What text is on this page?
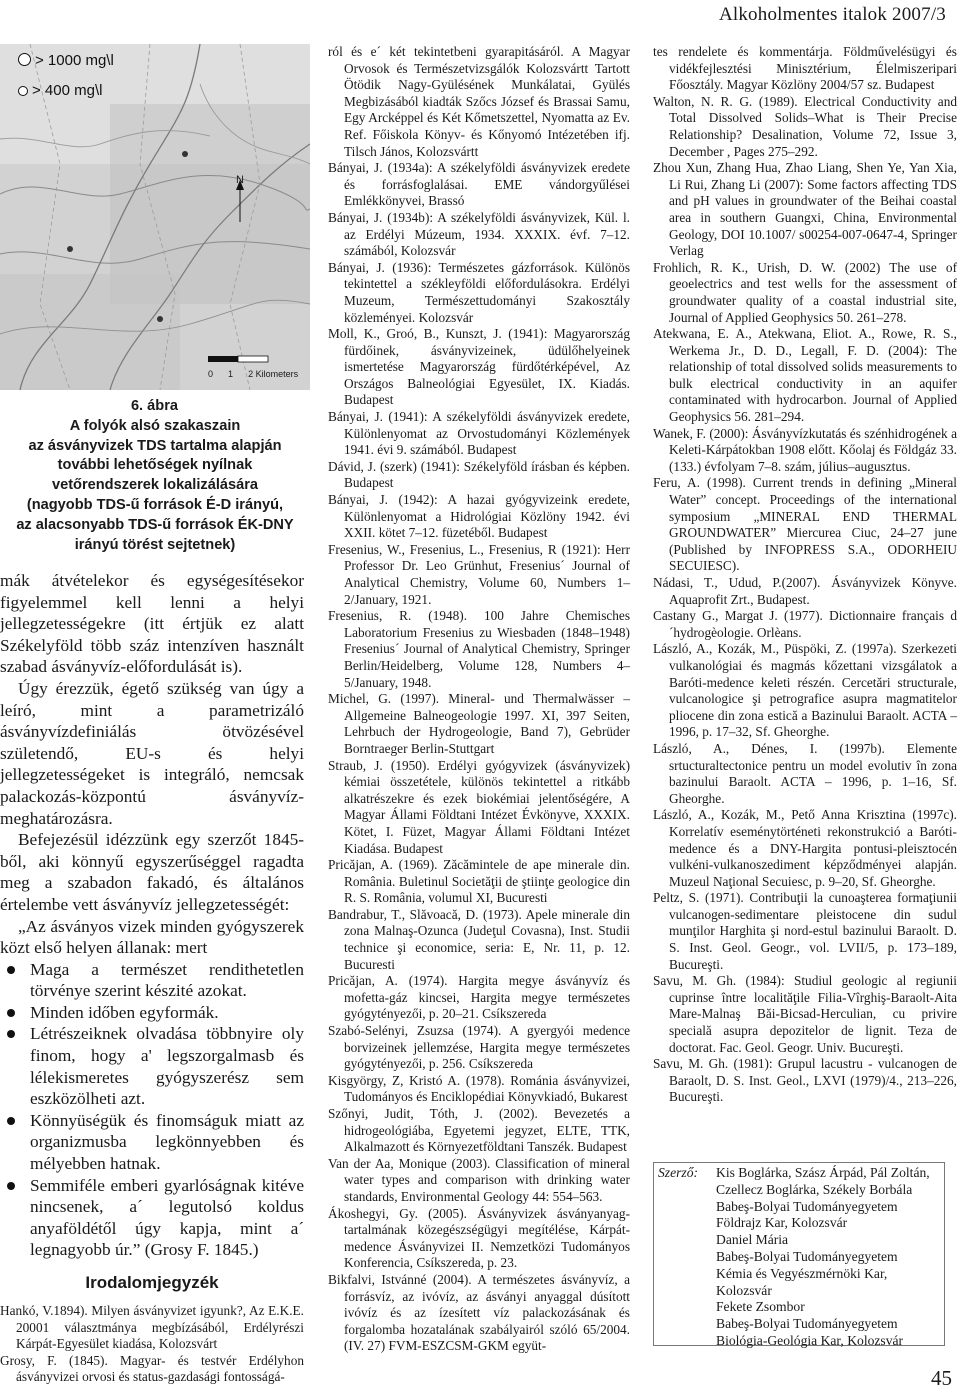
Alkoholmentes italok 2007/3
> 1000 mg\l
> 400 mg\l
N
0 1 2 Kilometers
6. ábra
A folyók alsó szakaszain
az ásványvizek TDS tartalma alapján
további lehetőségek nyílnak
vetőrendszerek lokalizálására
(nagyobb TDS-ű források É-D irányú,
az alacsonyabb TDS-ű források ÉK-DNY
irányú törést sejtetnek)

mák átvételekor és egységesítésekor figyelemmel kell lenni a helyi jellegzetességekre (itt értjük ez alatt Székelyföld több száz intenzíven használt szabad ásványvíz-előfordulását is).

Úgy érezzük, égető szükség van úgy a leíró, mint a parametrizáló ásványvízdefiniálás ötvözésével születendő, EU-s és helyi jellegzetességeket is integráló, nemcsak palackozás-központú ásványvíz-meghatározásra.

Befejezésül idézzünk egy szerzőt 1845-ből, aki könnyű egyszerűséggel ragadta meg a szabadon fakadó, és általános értelembe vett ásványvíz jellegzetességét:

„Az ásványos vizek minden gyógyszerek közt első helyen állanak: mert

Maga a természet rendithetetlen törvénye szerint készité azokat.
Minden időben egyformák.
Létrészeiknek olvadása többnyire oly finom, hogy a' legszorgalmasb és lélekismeretes gyógyszerész sem eszközölheti azt.
Könnyüségük és finomságuk miatt az organizmusba legkönnyebben és mélyebben hatnak.
Semmiféle emberi gyarlóságnak kitéve nincsenek, a´ legutolsó koldus anyaföldétől úgy kapja, mint a´ legnagyobb úr.” (Grosy F. 1845.)
Irodalomjegyzék
Hankó, V.1894). Milyen ásványvizet igyunk?, Az E.K.E. 20001 választmánya megbízásából, Erdélyrészi Kárpát-Egyesület kiadása, Kolozsvárt
Grosy, F. (1845). Magyar- és testvér Erdélyhon ásványvizei orvosi és status-gazdasági fontosságá-
ról és e´ két tekintetbeni gyarapitásáról. A Magyar Orvosok és Természetvizsgálók Kolozsvártt Tartott Ötödik Nagy-Gyülésének Munkálatai, Gyülés Megbizásából kiadták Szőcs József és Brassai Samu, Egy Arcképpel és Két Kőmetszettel, Nyomatta az Ev. Ref. Főiskola Könyv- és Kőnyomó Intézetében ifj. Tilsch János, Kolozsvártt
Bányai, J. (1934a): A székelyföldi ásványvizek eredete és forrásfoglalásai. EME vándorgyűlései Emlékkönyvei, Brassó
Bányai, J. (1934b): A székelyföldi ásványvizek, Kül. l. az Erdélyi Múzeum, 1934. XXXIX. évf. 7–12. számából, Kolozsvár
Bányai, J. (1936): Természetes gázforrások. Különös tekintettel a székleyföldi előfordulásokra. Erdélyi Muzeum, Természettudományi Szakosztály közleményei. Kolozsvár
Moll, K., Groó, B., Kunszt, J. (1941): Magyarország fürdőinek, ásványvizeinek, üdülőhelyeinek ismertetése Magyarország fürdőtérképével, Az Országos Balneológiai Egyesület, IX. Kiadás. Budapest
Bányai, J. (1941): A székelyföldi ásványvizek eredete, Különlenyomat az Orvostudományi Közlemények 1941. évi 9. számából. Budapest
Dávid, J. (szerk) (1941): Székelyföld írásban és képben. Budapest
Bányai, J. (1942): A hazai gyógyvizeink eredete, Különlenyomat a Hidrológiai Közlöny 1942. évi XXII. kötet 7–12. füzetéből. Budapest
Fresenius, W., Fresenius, L., Fresenius, R (1921): Herr Professor Dr. Leo Grünhut, Fresenius´ Journal of Analytical Chemistry, Volume 60, Numbers 1–2/January, 1921.
Fresenius, R. (1948). 100 Jahre Chemisches Laboratorium Fresenius zu Wiesbaden (1848–1948) Fresenius´ Journal of Analytical Chemistry, Springer Berlin/Heidelberg, Volume 128, Numbers 4–5/January, 1948.
Michel, G. (1997). Mineral- und Thermalwässer – Allgemeine Balneogeologie 1997. XI, 397 Seiten, Lehrbuch der Hydrogeologie, Band 7), Gebrüder Borntraeger Berlin-Stuttgart
Straub, J. (1950). Erdélyi gyógyvizek (ásványvizek) kémiai összetétele, különös tekintettel a ritkább alkatrészekre és ezek biokémiai jelentőségére, A Magyar Állami Földtani Intézet Évkönyve, XXXIX. Kötet, I. Füzet, Magyar Állami Földtani Intézet Kiadása. Budapest
Pricăjan, A. (1969). Zăcămintele de ape minerale din. România. Buletinul Societăţii de ştiinţe geologice din R. S. România, volumul XI, Bucuresti
Bandrabur, T., Slăvoacă, D. (1973). Apele minerale din zona Malnaş-Ozunca (Judeţul Covasna), Inst. Studii technice şi economice, seria: E, Nr. 11, p. 12. Bucuresti
Pricăjan, A. (1974). Hargita megye ásványvíz és mofetta-gáz kincsei, Hargita megye természetes gyógytényezői, p. 20–21. Csíkszereda
Szabó-Selényi, Zsuzsa (1974). A gyergyói medence borvizeinek jellemzése, Hargita megye természetes gyógytényezői, p. 256. Csíkszereda
Kisgyörgy, Z, Kristó A. (1978). Románia ásványvizei, Tudományos és Enciklopédiai Könyvkiadó, Bukarest
Szőnyi, Judit, Tóth, J. (2002). Bevezetés a hidrogeológiába, Egyetemi jegyzet, ELTE, TTK, Alkalmazott és Környezetföldtani Tanszék. Budapest
Van der Aa, Monique (2003). Classification of mineral water types and comparison with drinking water standards, Environmental Geology 44: 554–563.
Ákoshegyi, Gy. (2005). Ásványvizek ásványanyag-tartalmának közegészségügyi megítélése, Kárpát-medence Ásványvizei II. Nemzetközi Tudományos Konferencia, Csíkszereda, p. 23.
Bikfalvi, Istvánné (2004). A természetes ásványvíz, a forrásvíz, az ivóvíz, az ásványi anyaggal dúsított ivóvíz és az ízesített víz palackozásának és forgalomba hozatalának szabályairól szóló 65/2004. (IV. 27) FVM-ESZCSM-GKM együt-
tes rendelete és kommentárja. Földművelésügyi és vidékfejlesztési Minisztérium, Élelmiszeripari Főosztály. Magyar Közlöny 2004/57 sz. Budapest
Walton, N. R. G. (1989). Electrical Conductivity and Total Dissolved Solids–What is Their Precise Relationship? Desalination, Volume 72, Issue 3, December , Pages 275–292.
Zhou Xun, Zhang Hua, Zhao Liang, Shen Ye, Yan Xia, Li Rui, Zhang Li (2007): Some factors affecting TDS and pH values in groundwater of the Beihai coastal area in southern Guangxi, China, Environmental Geology, DOI 10.1007/ s00254-007-0647-4, Springer Verlag
Frohlich, R. K., Urish, D. W. (2002) The use of geoelectrics and test wells for the assessment of groundwater quality of a coastal industrial site, Journal of Applied Geophysics 50. 261–278.
Atekwana, E. A., Atekwana, Eliot. A., Rowe, R. S., Werkema Jr., D. D., Legall, F. D. (2004): The relationship of total dissolved solids measurements to bulk electrical conductivity in an aquifer contaminated with hydrocarbon. Journal of Applied Geophysics 56. 281–294.
Wanek, F. (2000): Ásványvízkutatás és szénhidrogének a Keleti-Kárpátokban 1908 előtt. Kőolaj és Földgáz 33. (133.) évfolyam 7–8. szám, július–augusztus.
Feru, A. (1998). Current trends in defining „Mineral Water” concept. Proceedings of the international symposium „MINERAL END THERMAL GROUNDWATER” Miercurea Ciuc, 24–27 june (Published by INFOPRESS S.A., ODORHEIU SECUIESC).
Nádasi, T., Udud, P.(2007). Ásványvizek Könyve. Aquaprofit Zrt., Budapest.
Castany G., Margat J. (1977). Dictionnaire français d´hydrogèologie. Orlèans.
László, A., Kozák, M., Püspöki, Z. (1997a). Szerkezeti vulkanológiai és magmás kőzettani vizsgálatok a Baróti-medence keleti részén. Cercetări structurale, vulcanologice şi petrografice asupra magmatitelor pliocene din zona estică a Bazinului Baraolt. ACTA – 1996, p. 17–32, Sf. Gheorghe.
László, A., Dénes, I. (1997b). Elemente srtucturaltectonice pentru un model evolutiv în zona bazinului Baraolt. ACTA – 1996, p. 1–16, Sf. Gheorghe.
László, A., Kozák, M., Pető Anna Krisztina (1997c). Korrelatív eseménytörténeti rekonstrukció a Baróti-medence és a DNY-Hargita pontusi-pleisztocén vulkéni-vulkanoszediment képződményei alapján. Muzeul Naţional Secuiesc, p. 9–20, Sf. Gheorghe.
Peltz, S. (1971). Contribuţii la cunoaşterea formaţiunii vulcanogen-sedimentare pleistocene din sudul munţilor Harghita şi nord-estul bazinului Baraolt. D. S. Inst. Geol. Geogr., vol. LVII/5, p. 173–189, Bucureşti.
Savu, M. Gh. (1984): Studiul geologic al regiunii cuprinse între localităţile Filia-Vîrghiş-Baraolt-Aita Mare-Malnaş Băi-Bicsad-Herculian, cu privire specială asupra depozitelor de lignit. Teza de doctorat. Fac. Geol. Geogr. Univ. Bucureşti.
Savu, M. Gh. (1981): Grupul lacustru - vulcanogen de Baraolt, D. S. Inst. Geol., LXVI (1979)/4., 213–226, Bucureşti.
Szerző: Kis Boglárka, Szász Árpád, Pál Zoltán,
Czellecz Boglárka, Székely Borbála
Babeş-Bolyai Tudományegyetem
Földrajz Kar, Kolozsvár
Daniel Mária
Babeş-Bolyai Tudományegyetem
Kémia és Vegyészmérnöki Kar,
Kolozsvár
Fekete Zsombor
Babeş-Bolyai Tudományegyetem
Biológia-Geológia Kar, Kolozsvár
45
